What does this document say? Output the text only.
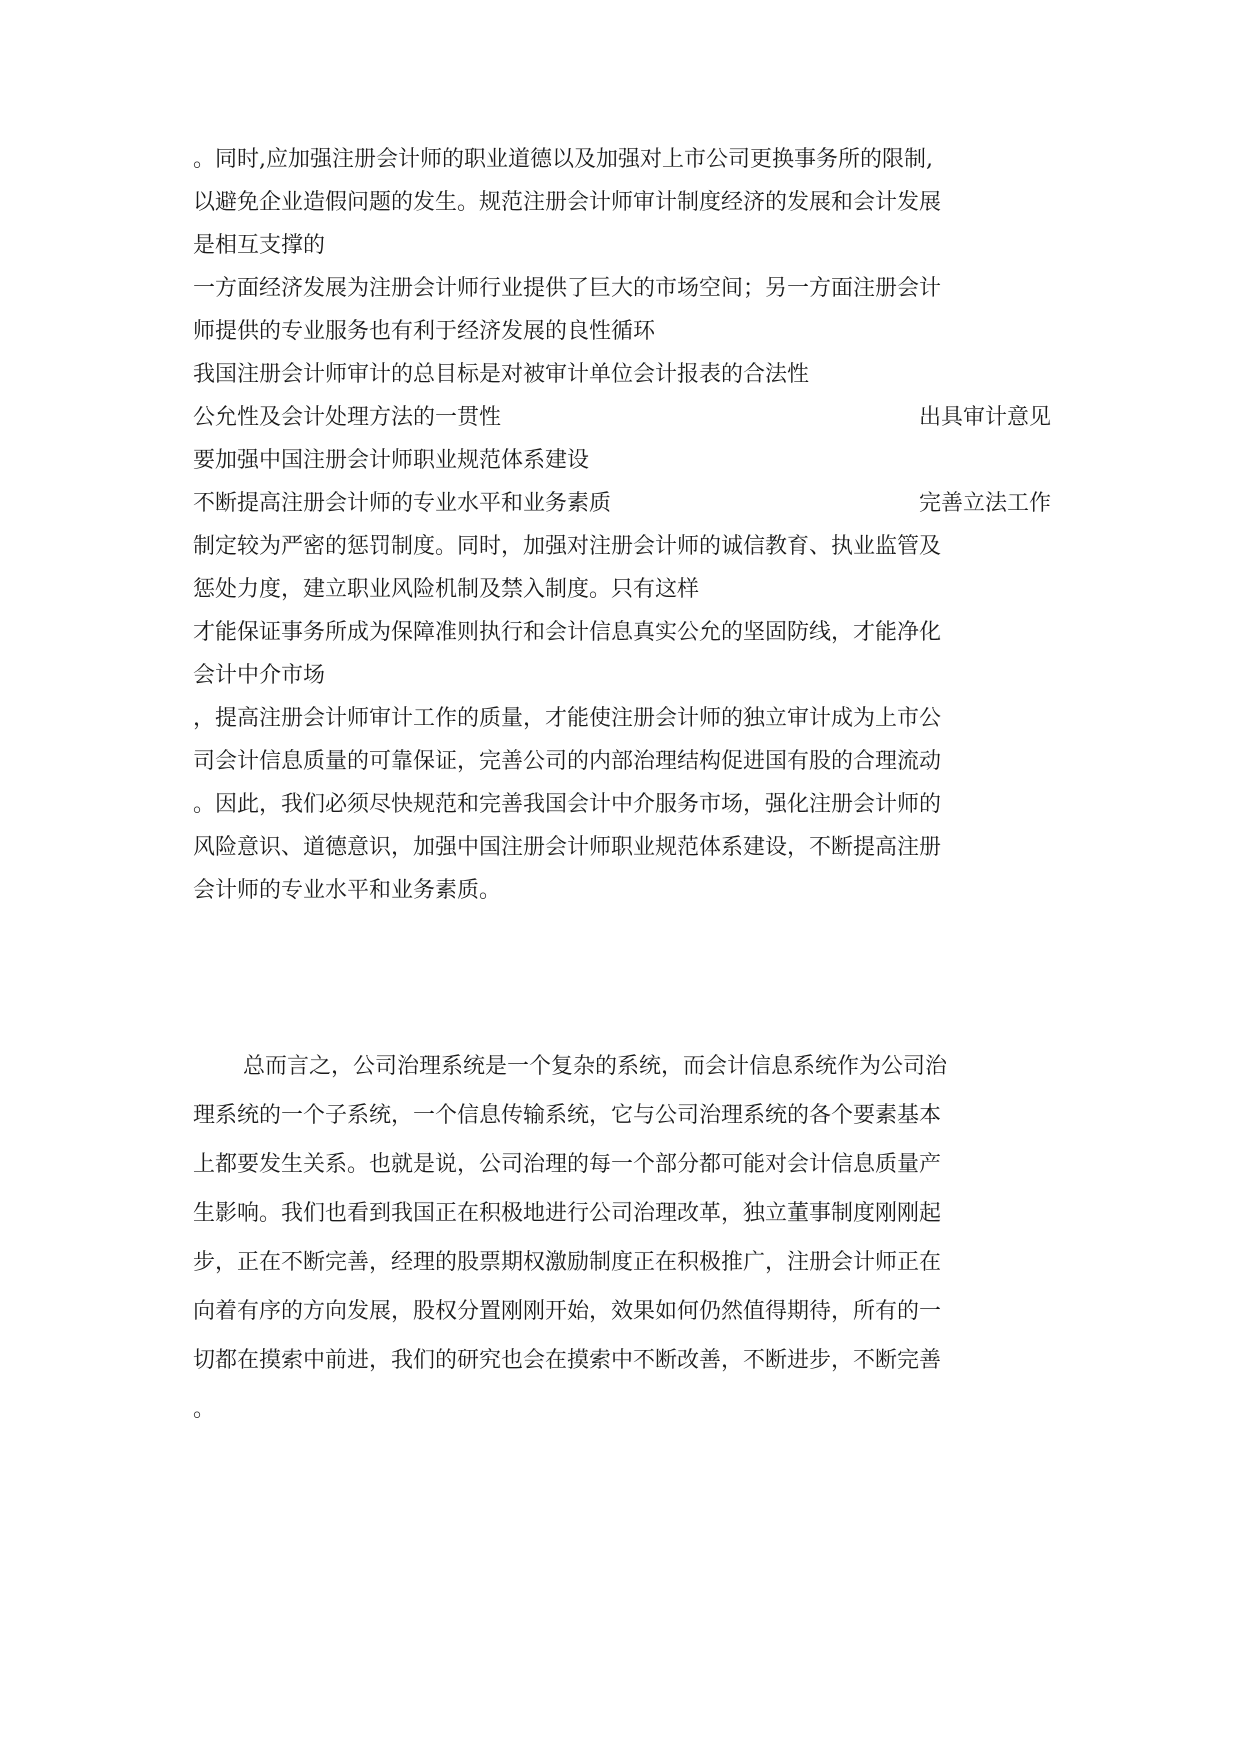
。同时,应加强注册会计师的职业道德以及加强对上市公司更换事务所的限制,
以避免企业造假问题的发生。规范注册会计师审计制度经济的发展和会计发展
是相互支撑的
一方面经济发展为注册会计师行业提供了巨大的市场空间；另一方面注册会计
师提供的专业服务也有利于经济发展的良性循环
我国注册会计师审计的总目标是对被审计单位会计报表的合法性
公允性及会计处理方法的一贯性	出具审计意见
要加强中国注册会计师职业规范体系建设
不断提高注册会计师的专业水平和业务素质	完善立法工作
制定较为严密的惩罚制度。同时，加强对注册会计师的诚信教育、执业监管及
惩处力度，建立职业风险机制及禁入制度。只有这样
才能保证事务所成为保障准则执行和会计信息真实公允的坚固防线，才能净化
会计中介市场
，提高注册会计师审计工作的质量，才能使注册会计师的独立审计成为上市公
司会计信息质量的可靠保证，完善公司的内部治理结构促进国有股的合理流动
。因此，我们必须尽快规范和完善我国会计中介服务市场，强化注册会计师的
风险意识、道德意识，加强中国注册会计师职业规范体系建设，不断提高注册
会计师的专业水平和业务素质。
总而言之，公司治理系统是一个复杂的系统，而会计信息系统作为公司治
理系统的一个子系统，一个信息传输系统，它与公司治理系统的各个要素基本
上都要发生关系。也就是说，公司治理的每一个部分都可能对会计信息质量产
生影响。我们也看到我国正在积极地进行公司治理改革，独立董事制度刚刚起
步，正在不断完善，经理的股票期权激励制度正在积极推广，注册会计师正在
向着有序的方向发展，股权分置刚刚开始，效果如何仍然值得期待，所有的一
切都在摸索中前进，我们的研究也会在摸索中不断改善，不断进步，不断完善
。
